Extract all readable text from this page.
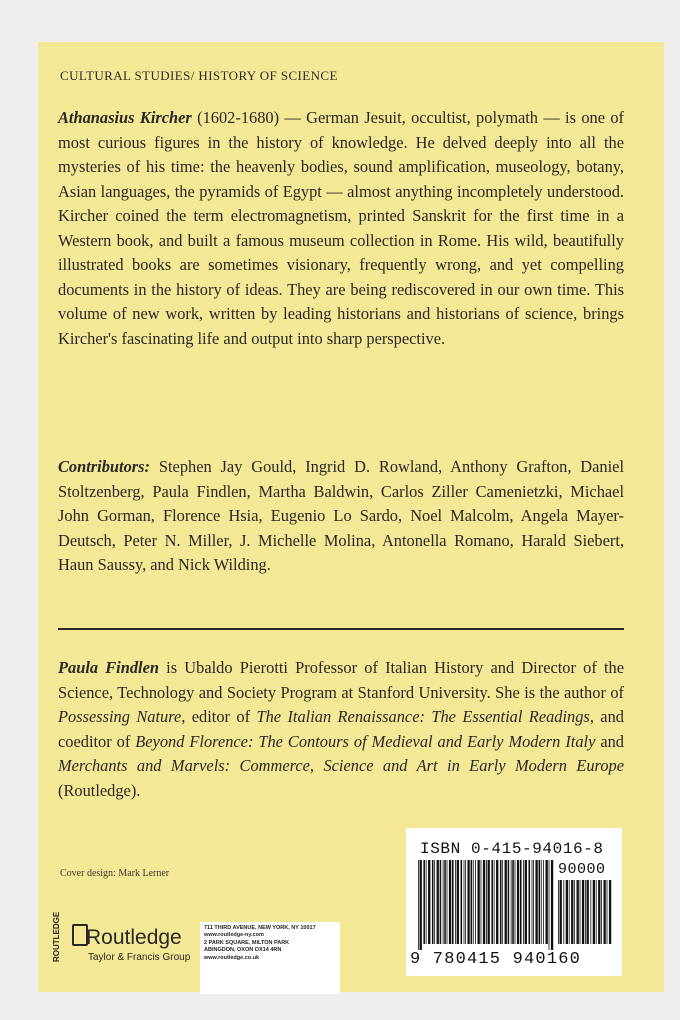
CULTURAL STUDIES/ HISTORY OF SCIENCE

Athanasius Kircher (1602-1680) — German Jesuit, occultist, polymath — is one of most curious figures in the history of knowledge. He delved deeply into all the mysteries of his time: the heavenly bodies, sound amplification, museology, botany, Asian languages, the pyramids of Egypt — almost anything incompletely understood. Kircher coined the term electromagnetism, printed Sanskrit for the first time in a Western book, and built a famous museum collection in Rome. His wild, beautifully illustrated books are sometimes visionary, frequently wrong, and yet compelling documents in the history of ideas. They are being rediscovered in our own time. This volume of new work, written by leading historians and historians of science, brings Kircher's fascinating life and output into sharp perspective.

Contributors: Stephen Jay Gould, Ingrid D. Rowland, Anthony Grafton, Daniel Stoltzenberg, Paula Findlen, Martha Baldwin, Carlos Ziller Camenietzki, Michael John Gorman, Florence Hsia, Eugenio Lo Sardo, Noel Malcolm, Angela Mayer-Deutsch, Peter N. Miller, J. Michelle Molina, Antonella Romano, Harald Siebert, Haun Saussy, and Nick Wilding.

Paula Findlen is Ubaldo Pierotti Professor of Italian History and Director of the Science, Technology and Society Program at Stanford University. She is the author of Possessing Nature, editor of The Italian Renaissance: The Essential Readings, and coeditor of Beyond Florence: The Contours of Medieval and Early Modern Italy and Merchants and Marvels: Commerce, Science and Art in Early Modern Europe (Routledge).

Cover design: Mark Lerner
ROUTLEDGE	Routledge
Taylor & Francis Group
711 THIRD AVENUE, NEW YORK, NY 10017
www.routledge-ny.com
2 PARK SQUARE, MILTON PARK
ABINGDON, OXON OX14 4RN
www.routledge.co.uk
ISBN 0-415-94016-8
90000
9 780415 940160
